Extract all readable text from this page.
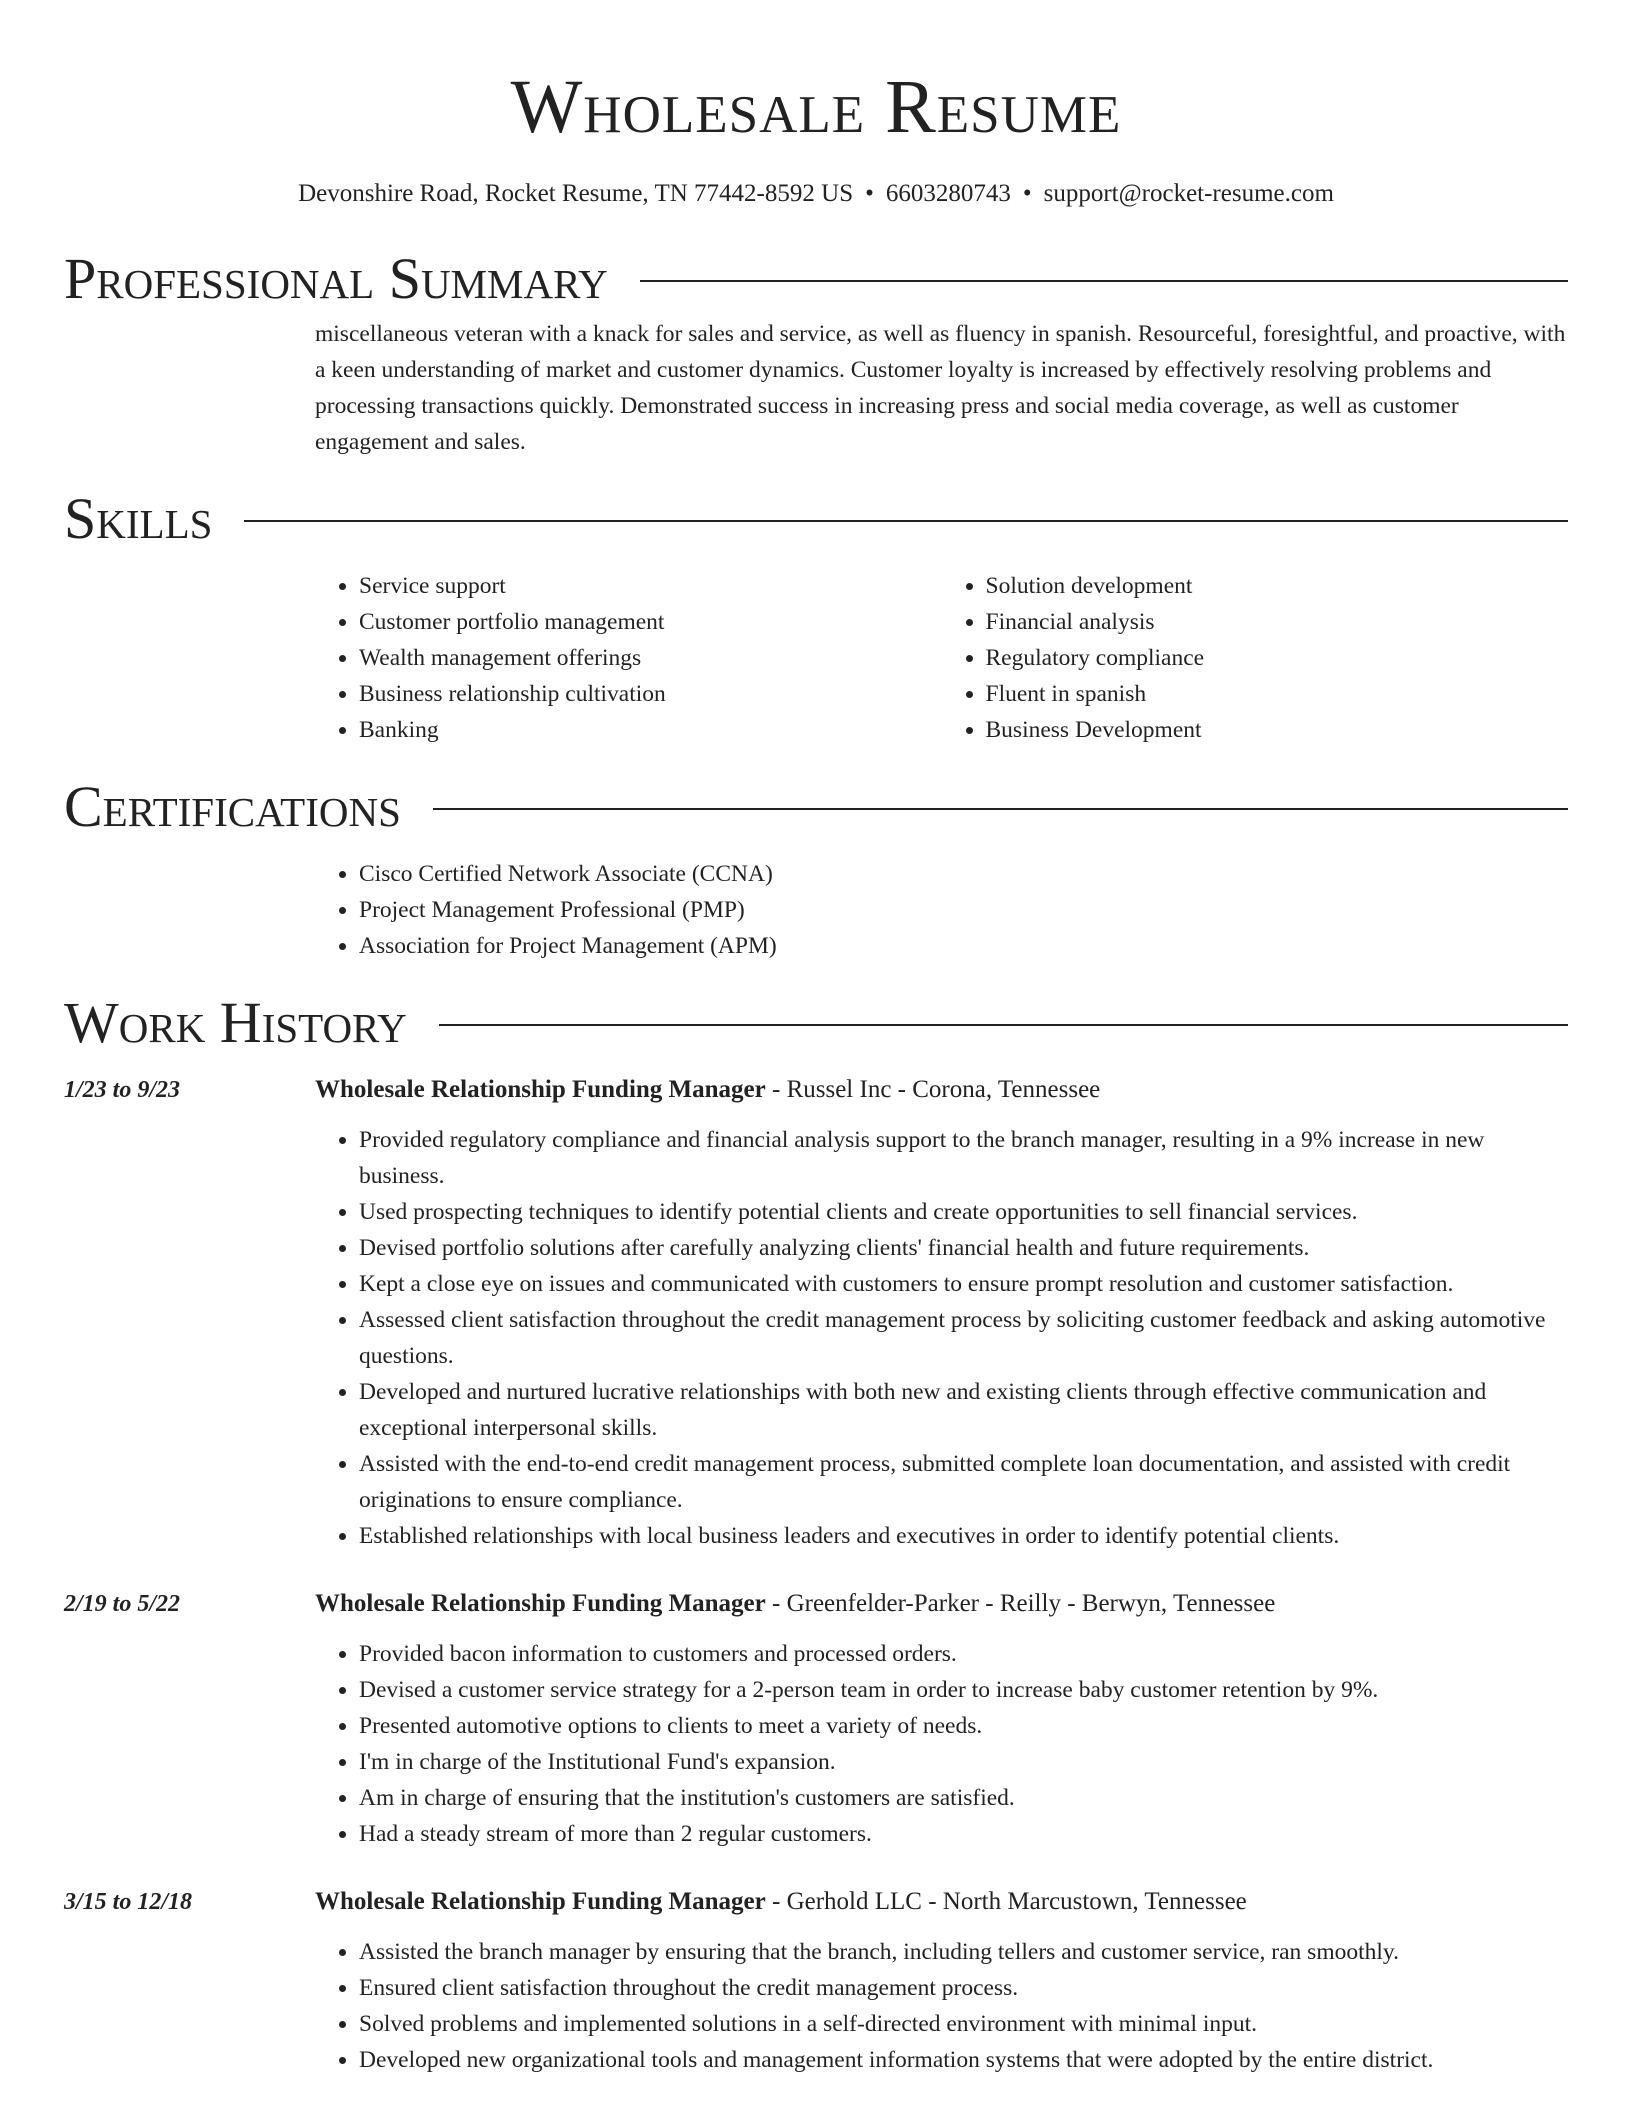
Wholesale Resume
Devonshire Road, Rocket Resume, TN 77442-8592 US • 6603280743 • support@rocket-resume.com
Professional Summary
miscellaneous veteran with a knack for sales and service, as well as fluency in spanish. Resourceful, foresightful, and proactive, with a keen understanding of market and customer dynamics. Customer loyalty is increased by effectively resolving problems and processing transactions quickly. Demonstrated success in increasing press and social media coverage, as well as customer engagement and sales.
Skills
• Service support
• Customer portfolio management
• Wealth management offerings
• Business relationship cultivation
• Banking
• Solution development
• Financial analysis
• Regulatory compliance
• Fluent in spanish
• Business Development
Certifications
• Cisco Certified Network Associate (CCNA)
• Project Management Professional (PMP)
• Association for Project Management (APM)
Work History
1/23 to 9/23	Wholesale Relationship Funding Manager - Russel Inc - Corona, Tennessee
• Provided regulatory compliance and financial analysis support to the branch manager, resulting in a 9% increase in new business.
• Used prospecting techniques to identify potential clients and create opportunities to sell financial services.
• Devised portfolio solutions after carefully analyzing clients' financial health and future requirements.
• Kept a close eye on issues and communicated with customers to ensure prompt resolution and customer satisfaction.
• Assessed client satisfaction throughout the credit management process by soliciting customer feedback and asking automotive questions.
• Developed and nurtured lucrative relationships with both new and existing clients through effective communication and exceptional interpersonal skills.
• Assisted with the end-to-end credit management process, submitted complete loan documentation, and assisted with credit originations to ensure compliance.
• Established relationships with local business leaders and executives in order to identify potential clients.
2/19 to 5/22	Wholesale Relationship Funding Manager - Greenfelder-Parker - Reilly - Berwyn, Tennessee
• Provided bacon information to customers and processed orders.
• Devised a customer service strategy for a 2-person team in order to increase baby customer retention by 9%.
• Presented automotive options to clients to meet a variety of needs.
• I'm in charge of the Institutional Fund's expansion.
• Am in charge of ensuring that the institution's customers are satisfied.
• Had a steady stream of more than 2 regular customers.
3/15 to 12/18	Wholesale Relationship Funding Manager - Gerhold LLC - North Marcustown, Tennessee
• Assisted the branch manager by ensuring that the branch, including tellers and customer service, ran smoothly.
• Ensured client satisfaction throughout the credit management process.
• Solved problems and implemented solutions in a self-directed environment with minimal input.
• Developed new organizational tools and management information systems that were adopted by the entire district.
